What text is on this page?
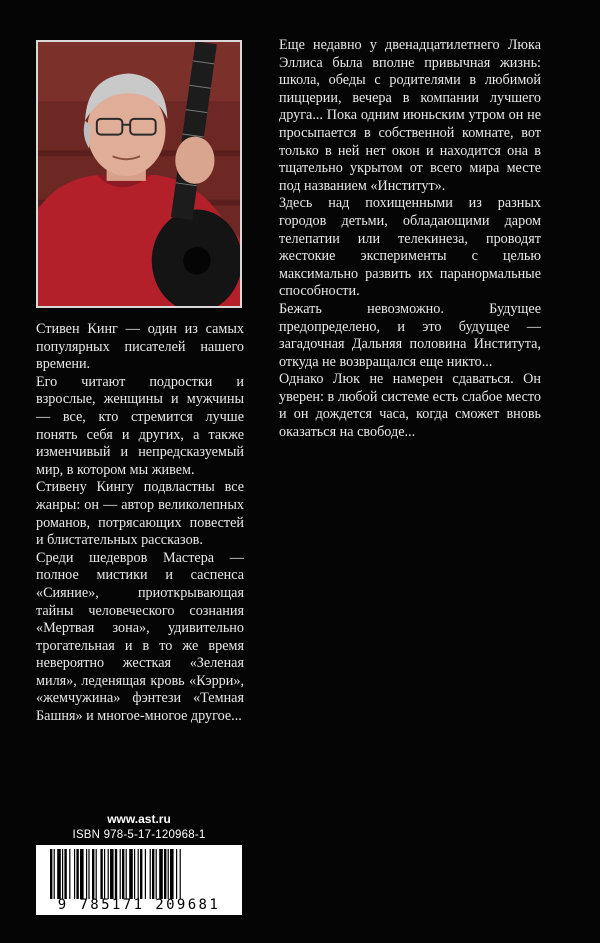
Стивен Кинг — один из самых популярных писателей нашего времени.

Его читают подростки и взрослые, женщины и мужчины — все, кто стремится лучше понять себя и других, а также изменчивый и непредсказуемый мир, в котором мы живем.

Стивену Кингу подвластны все жанры: он — автор великолепных романов, потрясающих повестей и блистательных рассказов.

Среди шедевров Мастера — полное мистики и саспенса «Сияние», приоткрывающая тайны человеческого сознания «Мертвая зона», удивительно трогательная и в то же время невероятно жесткая «Зеленая миля», леденящая кровь «Кэрри», «жемчужина» фэнтези «Темная Башня» и многое-многое другое...

Еще недавно у двенадцатилетнего Люка Эллиса была вполне привычная жизнь: школа, обеды с родителями в любимой пиццерии, вечера в компании лучшего друга... Пока одним июньским утром он не просыпается в собственной комнате, вот только в ней нет окон и находится она в тщательно укрытом от всего мира месте под названием «Институт».

Здесь над похищенными из разных городов детьми, обладающими даром телепатии или телекинеза, проводят жестокие эксперименты с целью максимально развить их паранормальные способности.

Бежать невозможно. Будущее предопределено, и это будущее — загадочная Дальняя половина Института, откуда не возвращался еще никто...

Однако Люк не намерен сдаваться. Он уверен: в любой системе есть слабое место и он дождется часа, когда сможет вновь оказаться на свободе...

www.ast.ru
ISBN 978-5-17-120968-1
9 785171 209681
